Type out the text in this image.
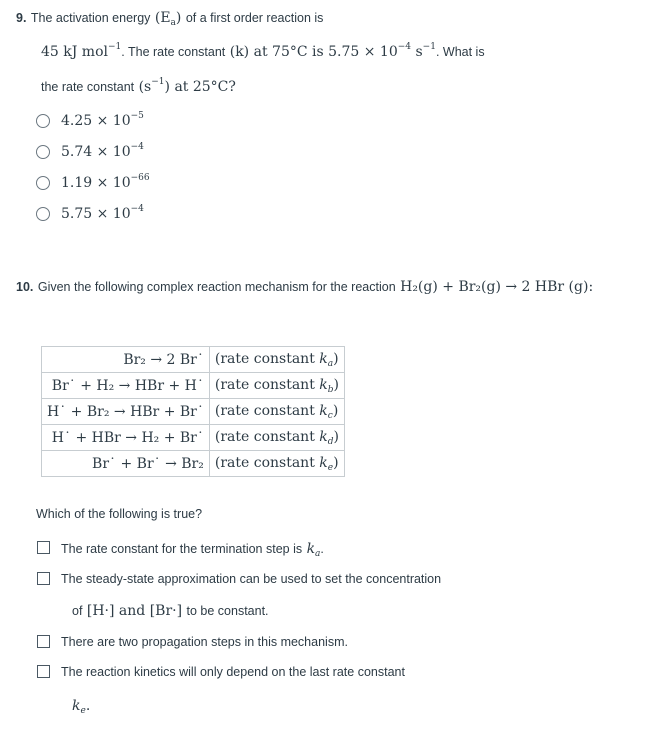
9. The activation energy $(E_a)$ of a first order reaction is
45 kJ mol$^{-1}$. The rate constant (k) at 75°C is $5.75 \times 10^{-4}$ $s^{-1}$. What is
the rate constant $(s^{-1})$ at 25°C?
$4.25 \times 10^{-5}$
$5.74 \times 10^{-4}$
$1.19 \times 10^{-66}$
$5.75 \times 10^{-4}$
10. Given the following complex reaction mechanism for the reaction H₂(g) + Br₂(g) → 2 HBr (g):
Br₂ → 2 Br˙	(rate constant $k_a$)
Br˙ + H₂ → HBr + H˙	(rate constant $k_b$)
H˙ + Br₂ → HBr + Br˙	(rate constant $k_c$)
H˙ + HBr → H₂ + Br˙	(rate constant $k_d$)
Br˙ + Br˙ → Br₂	(rate constant $k_e$)
Which of the following is true?
The rate constant for the termination step is $k_a$.
The steady-state approximation can be used to set the concentration
of [H·] and [Br·] to be constant.
There are two propagation steps in this mechanism.
The reaction kinetics will only depend on the last rate constant
$k_e$.
